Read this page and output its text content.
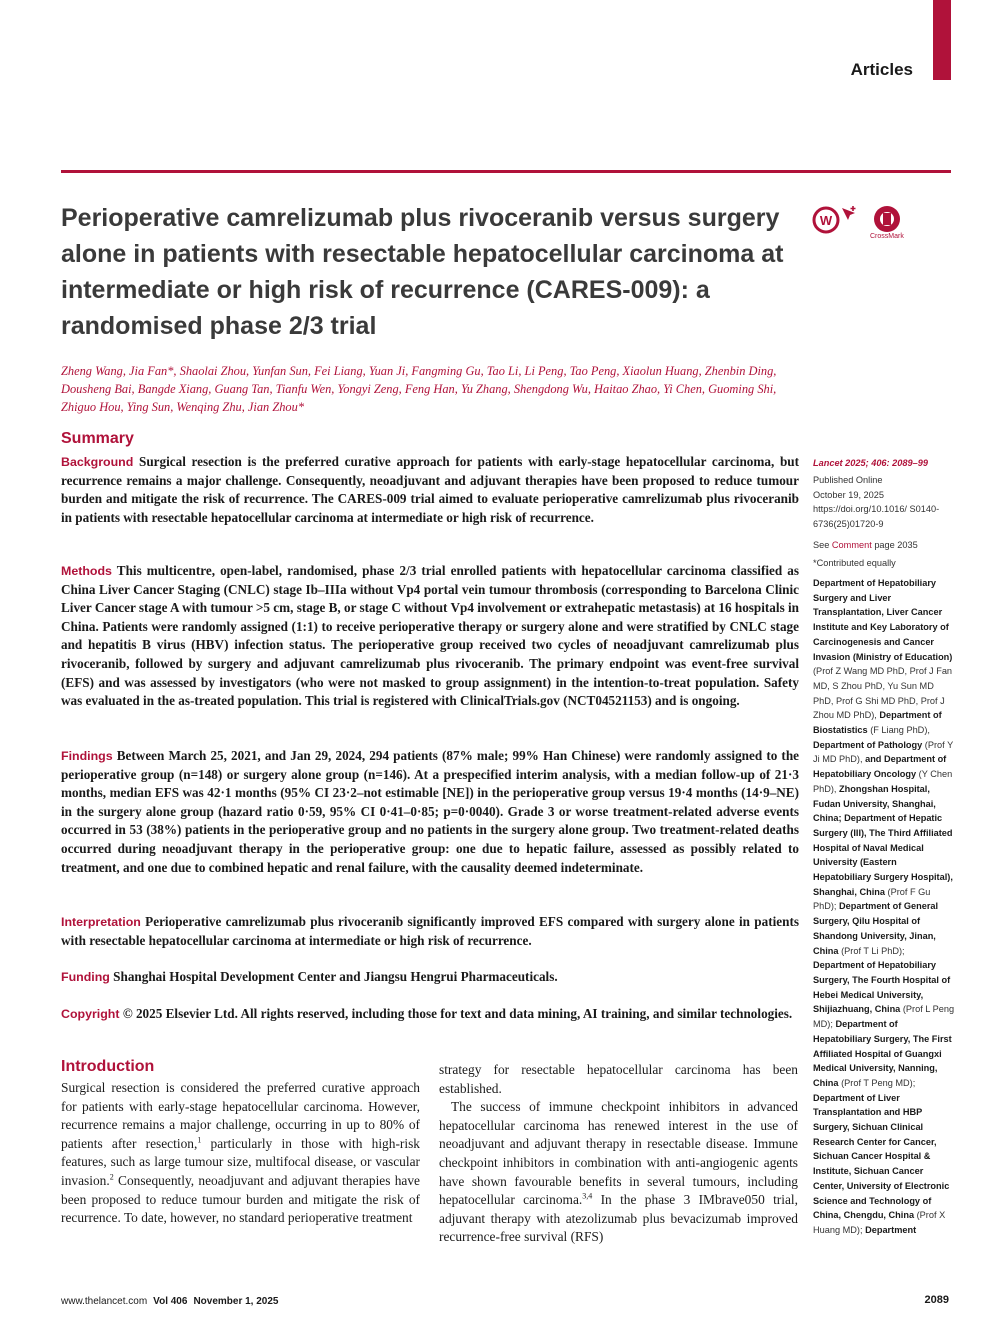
Articles
Perioperative camrelizumab plus rivoceranib versus surgery alone in patients with resectable hepatocellular carcinoma at intermediate or high risk of recurrence (CARES-009): a randomised phase 2/3 trial
W
CrossMark

Zheng Wang, Jia Fan*, Shaolai Zhou, Yunfan Sun, Fei Liang, Yuan Ji, Fangming Gu, Tao Li, Li Peng, Tao Peng, Xiaolun Huang, Zhenbin Ding, Dousheng Bai, Bangde Xiang, Guang Tan, Tianfu Wen, Yongyi Zeng, Feng Han, Yu Zhang, Shengdong Wu, Haitao Zhao, Yi Chen, Guoming Shi, Zhiguo Hou, Ying Sun, Wenqing Zhu, Jian Zhou*

Summary

Background Surgical resection is the preferred curative approach for patients with early-stage hepatocellular carcinoma, but recurrence remains a major challenge. Consequently, neoadjuvant and adjuvant therapies have been proposed to reduce tumour burden and mitigate the risk of recurrence. The CARES-009 trial aimed to evaluate perioperative camrelizumab plus rivoceranib in patients with resectable hepatocellular carcinoma at intermediate or high risk of recurrence.

Methods This multicentre, open-label, randomised, phase 2/3 trial enrolled patients with hepatocellular carcinoma classified as China Liver Cancer Staging (CNLC) stage Ib–IIIa without Vp4 portal vein tumour thrombosis (corresponding to Barcelona Clinic Liver Cancer stage A with tumour >5 cm, stage B, or stage C without Vp4 involvement or extrahepatic metastasis) at 16 hospitals in China. Patients were randomly assigned (1:1) to receive perioperative therapy or surgery alone and were stratified by CNLC stage and hepatitis B virus (HBV) infection status. The perioperative group received two cycles of neoadjuvant camrelizumab plus rivoceranib, followed by surgery and adjuvant camrelizumab plus rivoceranib. The primary endpoint was event-free survival (EFS) and was assessed by investigators (who were not masked to group assignment) in the intention-to-treat population. Safety was evaluated in the as-treated population. This trial is registered with ClinicalTrials.gov (NCT04521153) and is ongoing.

Findings Between March 25, 2021, and Jan 29, 2024, 294 patients (87% male; 99% Han Chinese) were randomly assigned to the perioperative group (n=148) or surgery alone group (n=146). At a prespecified interim analysis, with a median follow-up of 21·3 months, median EFS was 42·1 months (95% CI 23·2–not estimable [NE]) in the perioperative group versus 19·4 months (14·9–NE) in the surgery alone group (hazard ratio 0·59, 95% CI 0·41–0·85; p=0·0040). Grade 3 or worse treatment-related adverse events occurred in 53 (38%) patients in the perioperative group and no patients in the surgery alone group. Two treatment-related deaths occurred during neoadjuvant therapy in the perioperative group: one due to hepatic failure, assessed as possibly related to treatment, and one due to combined hepatic and renal failure, with the causality deemed indeterminate.

Interpretation Perioperative camrelizumab plus rivoceranib significantly improved EFS compared with surgery alone in patients with resectable hepatocellular carcinoma at intermediate or high risk of recurrence.

Funding Shanghai Hospital Development Center and Jiangsu Hengrui Pharmaceuticals.

Copyright © 2025 Elsevier Ltd. All rights reserved, including those for text and data mining, AI training, and similar technologies.

Introduction

Surgical resection is considered the preferred curative approach for patients with early-stage hepatocellular carcinoma. However, recurrence remains a major challenge, occurring in up to 80% of patients after resection,$^1$ particularly in those with high-risk features, such as large tumour size, multifocal disease, or vascular invasion.$^2$ Consequently, neoadjuvant and adjuvant therapies have been proposed to reduce tumour burden and mitigate the risk of recurrence. To date, however, no standard perioperative treatment

strategy for resectable hepatocellular carcinoma has been established.

The success of immune checkpoint inhibitors in advanced hepatocellular carcinoma has renewed interest in the use of neoadjuvant and adjuvant therapy in resectable disease. Immune checkpoint inhibitors in combination with anti-angiogenic agents have shown favourable benefits in several tumours, including hepatocellular carcinoma.$^{3,4}$ In the phase 3 IMbrave050 trial, adjuvant therapy with atezolizumab plus bevacizumab improved recurrence-free survival (RFS)

Lancet 2025; 406: 2089–99
Published Online
October 19, 2025
https://doi.org/10.1016/ S0140-6736(25)01720-9
See Comment page 2035
*Contributed equally
Department of Hepatobiliary Surgery and Liver Transplantation, Liver Cancer Institute and Key Laboratory of Carcinogenesis and Cancer Invasion (Ministry of Education) (Prof Z Wang MD PhD, Prof J Fan MD, S Zhou PhD, Yu Sun MD PhD, Prof G Shi MD PhD, Prof J Zhou MD PhD), Department of Biostatistics (F Liang PhD), Department of Pathology (Prof Y Ji MD PhD), and Department of Hepatobiliary Oncology (Y Chen PhD), Zhongshan Hospital, Fudan University, Shanghai, China; Department of Hepatic Surgery (III), The Third Affiliated Hospital of Naval Medical University (Eastern Hepatobiliary Surgery Hospital), Shanghai, China (Prof F Gu PhD); Department of General Surgery, Qilu Hospital of Shandong University, Jinan, China (Prof T Li PhD); Department of Hepatobiliary Surgery, The Fourth Hospital of Hebei Medical University, Shijiazhuang, China (Prof L Peng MD); Department of Hepatobiliary Surgery, The First Affiliated Hospital of Guangxi Medical University, Nanning, China (Prof T Peng MD); Department of Liver Transplantation and HBP Surgery, Sichuan Clinical Research Center for Cancer, Sichuan Cancer Hospital & Institute, Sichuan Cancer Center, University of Electronic Science and Technology of China, Chengdu, China (Prof X Huang MD); Department
www.thelancet.com Vol 406 November 1, 2025	2089
